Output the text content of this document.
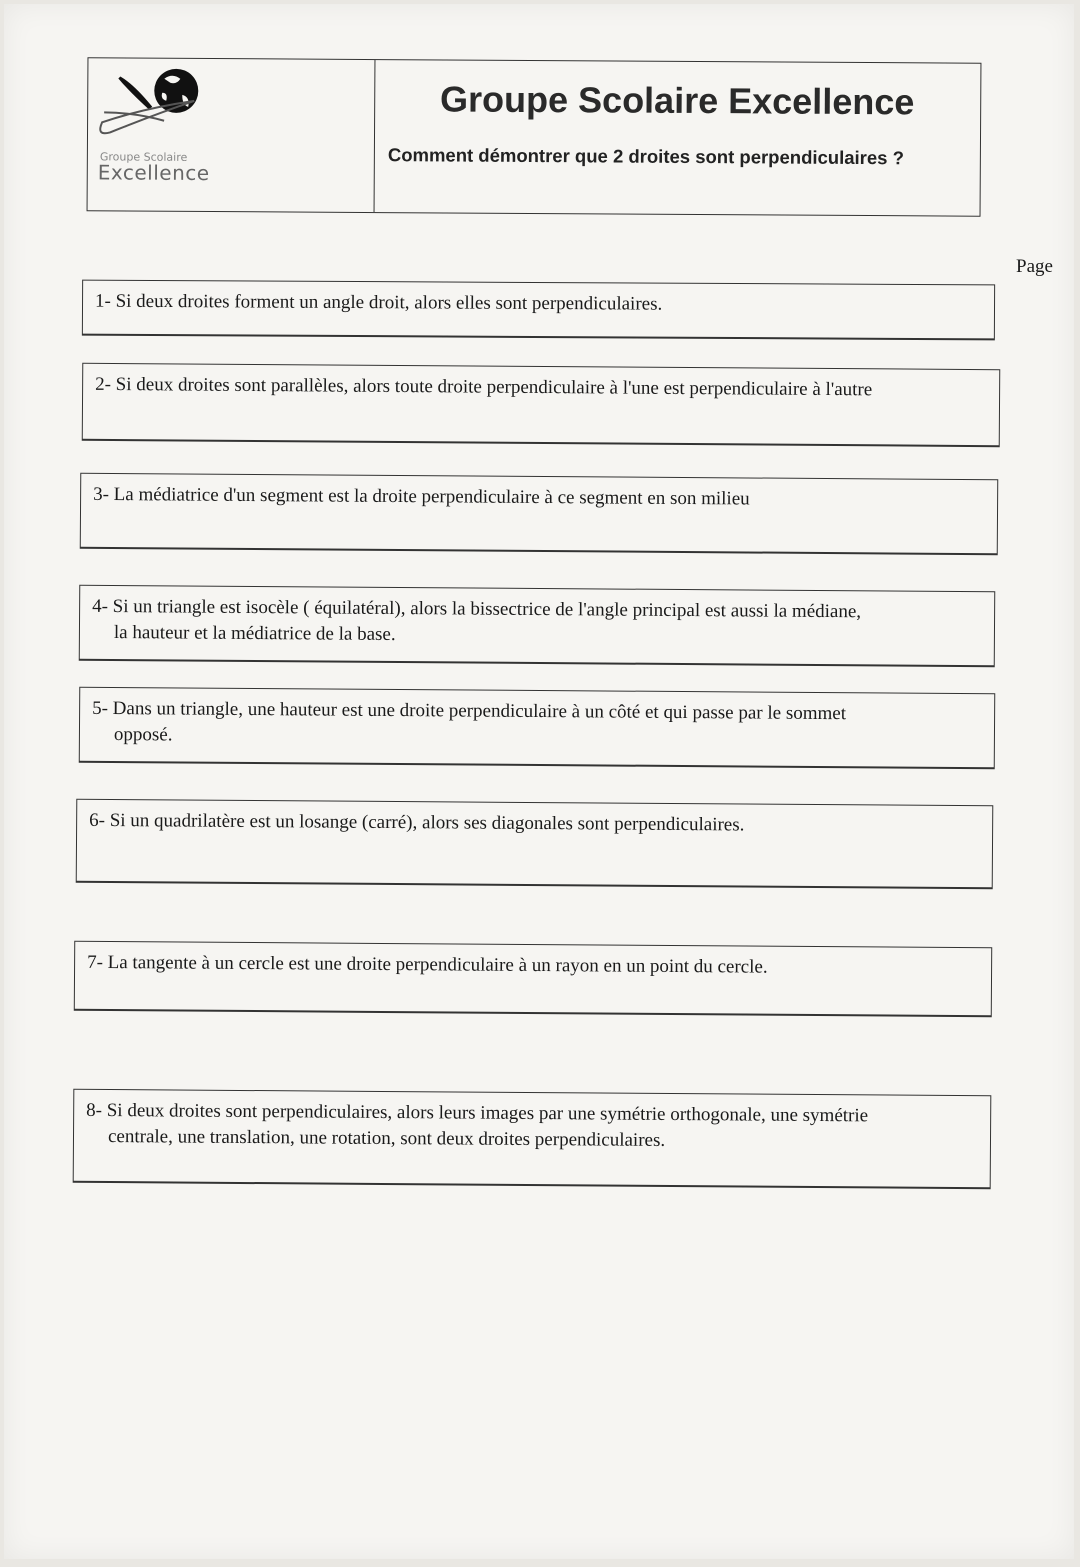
Groupe Scolaire
Excellence
Groupe Scolaire Excellence
Comment démontrer que 2 droites sont perpendiculaires ?
Page
1- Si deux droites forment un angle droit, alors elles sont perpendiculaires.
2- Si deux droites sont parallèles, alors toute droite perpendiculaire à l'une est perpendiculaire à l'autre
3- La médiatrice d'un segment est la droite perpendiculaire à ce segment en son milieu
4- Si un triangle est isocèle ( équilatéral), alors la bissectrice de l'angle principal est aussi la médiane,
la hauteur et la médiatrice de la base.
5- Dans un triangle, une hauteur est une droite perpendiculaire à un côté et qui passe par le sommet
opposé.
6- Si un quadrilatère est un losange (carré), alors ses diagonales sont perpendiculaires.
7- La tangente à un cercle est une droite perpendiculaire à un rayon en un point du cercle.
8- Si deux droites sont perpendiculaires, alors leurs images par une symétrie orthogonale, une symétrie
centrale, une translation, une rotation, sont deux droites perpendiculaires.
